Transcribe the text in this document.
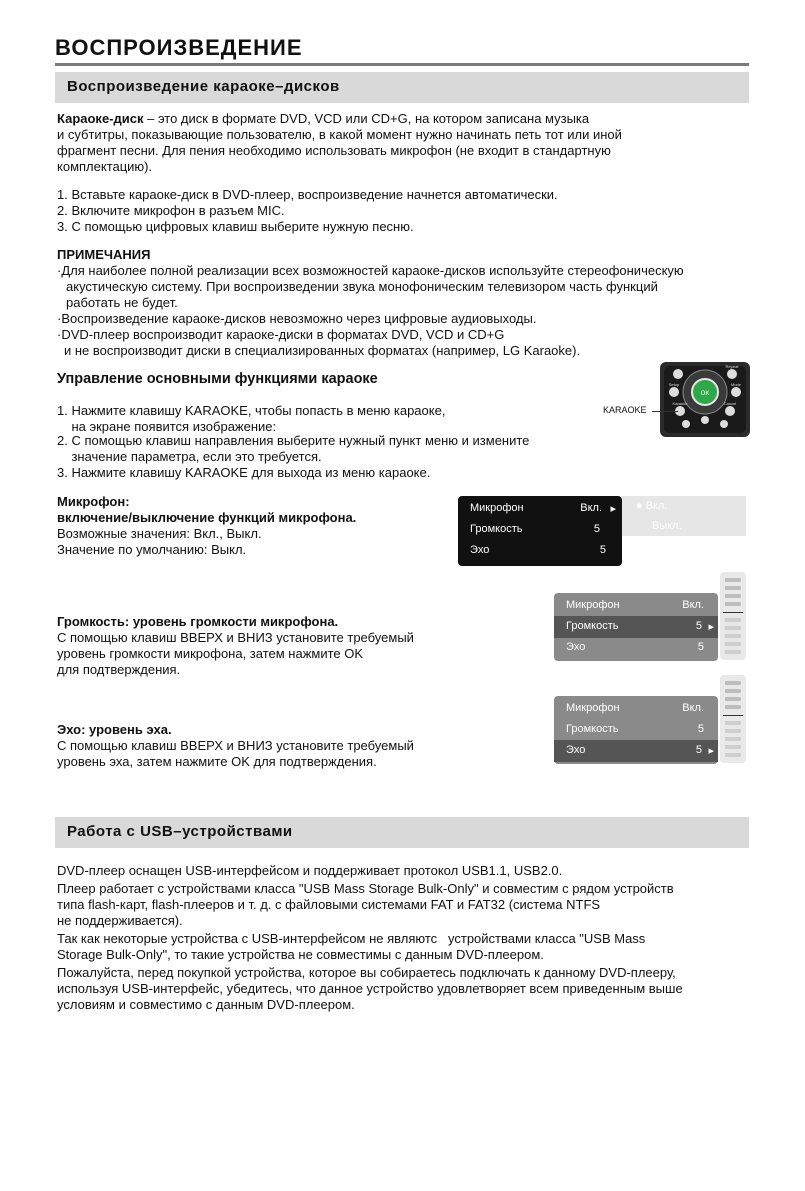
ВОСПРОИЗВЕДЕНИЕ
Воспроизведение караоке–дисков
Караоке-диск – это диск в формате DVD, VCD или CD+G, на котором записана музыка
и субтитры, показывающие пользователю, в какой момент нужно начинать петь тот или иной
фрагмент песни. Для пения необходимо использовать микрофон (не входит в стандартную
комплектацию).
1. Вставьте караоке-диск в DVD-плеер, воспроизведение начнется автоматически.
2. Включите микрофон в разъем MIC.
3. С помощью цифровых клавиш выберите нужную песню.
ПРИМЕЧАНИЯ
·Для наиболее полной реализации всех возможностей караоке-дисков используйте стереофоническую
акустическую систему. При воспроизведении звука монофоническим телевизором часть функций
работать не будет.
·Воспроизведение караоке-дисков невозможно через цифровые аудиовыходы.
·DVD-плеер воспроизводит караоке-диски в форматах DVD, VCD и CD+G
и не воспроизводит диски в специализированных форматах (например, LG Karaoke).
Управление основными функциями караоке
OK
Repeat
Setup	Mode
Karaoke	Cancel
KARAOKE
1. Нажмите клавишу KARAOKE, чтобы попасть в меню караоке,
на экране появится изображение:
2. С помощью клавиш направления выберите нужный пункт меню и измените
значение параметра, если это требуется.
3. Нажмите клавишу KARAOKE для выхода из меню караоке.
Микрофон:
включение/выключение функций микрофона.
Возможные значения: Вкл., Выкл.
Значение по умолчанию: Выкл.
Микрофон	Вкл. ▸
Громкость	5
Эхо	5
● Вкл.
Выкл.
Громкость: уровень громкости микрофона.
С помощью клавиш ВВЕРХ и ВНИЗ установите требуемый
уровень громкости микрофона, затем нажмите OK
для подтверждения.
Микрофон	Вкл.
Громкость	5 ▸
Эхо	5
Эхо: уровень эха.
С помощью клавиш ВВЕРХ и ВНИЗ установите требуемый
уровень эха, затем нажмите OK для подтверждения.
Микрофон	Вкл.
Громкость	5
Эхо	5 ▸
Работа с USB–устройствами
DVD-плеер оснащен USB-интерфейсом и поддерживает протокол USB1.1, USB2.0.
Плеер работает с устройствами класса "USB Mass Storage Bulk-Only" и совместим с рядом устройств
типа flash-карт, flash-плееров и т. д. с файловыми системами FAT и FAT32 (система NTFS
не поддерживается).
Так как некоторые устройства с USB-интерфейсом не являютс   устройствами класса "USB Mass
Storage Bulk-Only", то такие устройства не совместимы с данным DVD-плеером.
Пожалуйста, перед покупкой устройства, которое вы собираетесь подключать к данному DVD-плееру,
используя USB-интерфейс, убедитесь, что данное устройство удовлетворяет всем приведенным выше
условиям и совместимо с данным DVD-плеером.
